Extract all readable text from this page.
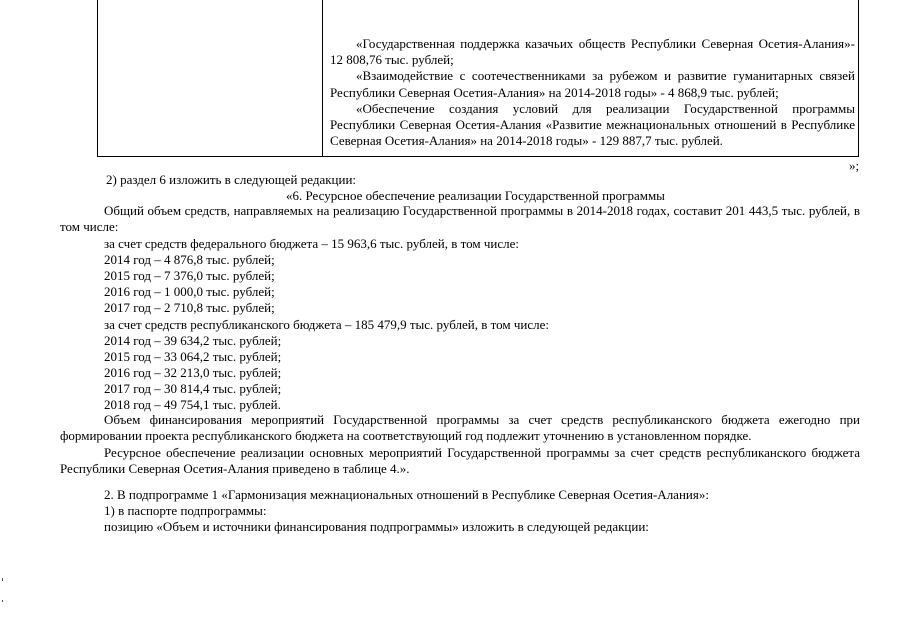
«Государственная поддержка казачьих обществ Республики Северная Осетия-Алания»- 12 808,76 тыс. рублей;

«Взаимодействие с соотечественниками за рубежом и развитие гуманитарных связей Республики Северная Осетия-Алания» на 2014-2018 годы» - 4 868,9 тыс. рублей;

«Обеспечение создания условий для реализации Государственной программы Республики Северная Осетия-Алания «Развитие межнациональных отношений в Республике Северная Осетия-Алания» на 2014-2018 годы» - 129 887,7 тыс. рублей.

»;
2) раздел 6 изложить в следующей редакции:
«6. Ресурсное обеспечение реализации Государственной программы
Общий объем средств, направляемых на реализацию Государственной программы в 2014-2018 годах, составит 201 443,5 тыс. рублей, в том числе:
за счет средств федерального бюджета – 15 963,6 тыс. рублей, в том числе:
2014 год – 4 876,8 тыс. рублей;
2015 год – 7 376,0 тыс. рублей;
2016 год – 1 000,0 тыс. рублей;
2017 год – 2 710,8 тыс. рублей;
за счет средств республиканского бюджета – 185 479,9 тыс. рублей, в том числе:
2014 год – 39 634,2 тыс. рублей;
2015 год – 33 064,2 тыс. рублей;
2016 год – 32 213,0 тыс. рублей;
2017 год – 30 814,4 тыс. рублей;
2018 год – 49 754,1 тыс. рублей.
Объем финансирования мероприятий Государственной программы за счет средств республиканского бюджета ежегодно при формировании проекта республиканского бюджета на соответствующий год подлежит уточнению в установленном порядке.
Ресурсное обеспечение реализации основных мероприятий Государственной программы за счет средств республиканского бюджета Республики Северная Осетия-Алания приведено в таблице 4.».
2. В подпрограмме 1 «Гармонизация межнациональных отношений в Республике Северная Осетия-Алания»:
1) в паспорте подпрограммы:
позицию «Объем и источники финансирования подпрограммы» изложить в следующей редакции:
